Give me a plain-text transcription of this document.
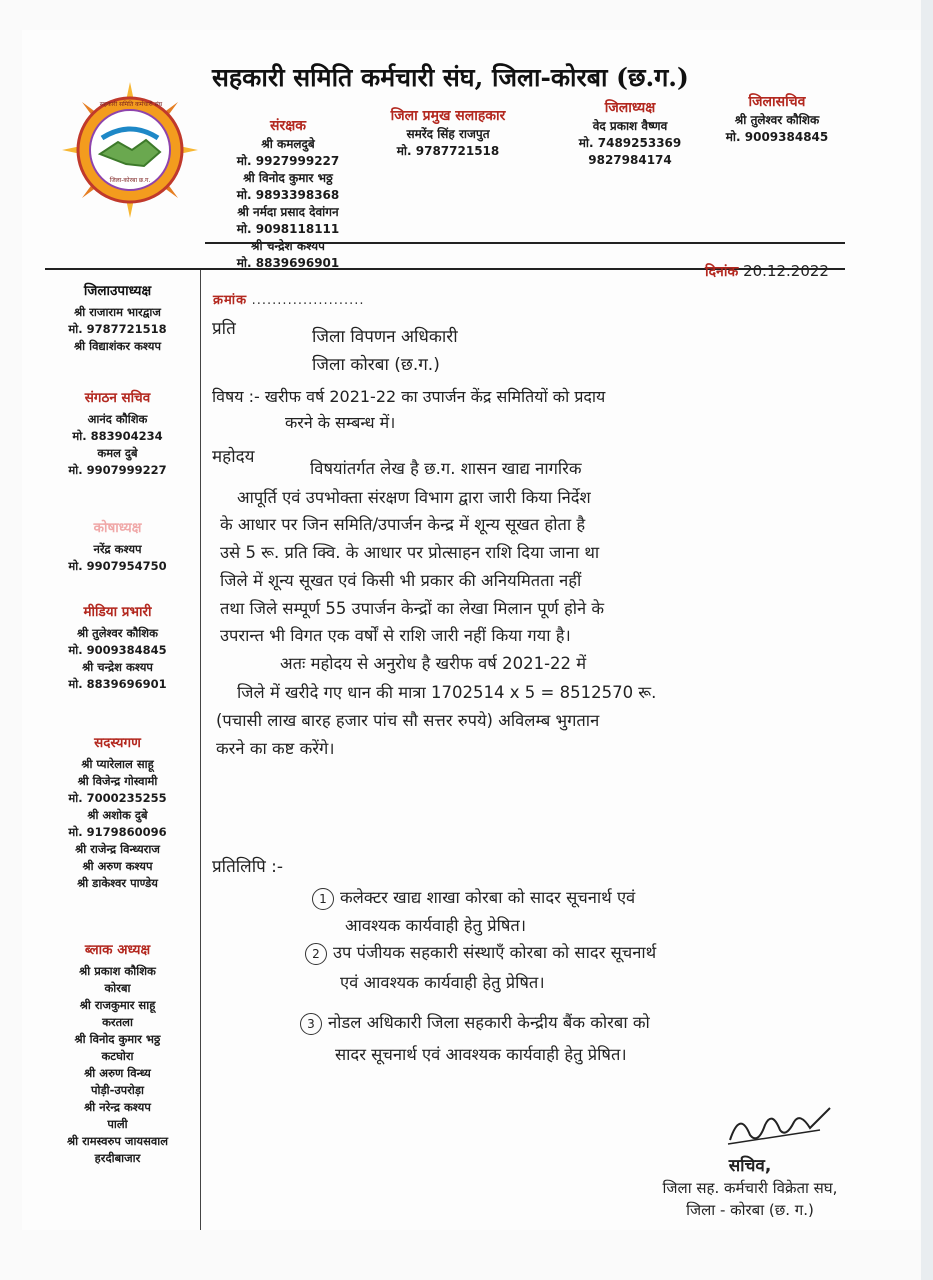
सहकारी समिति कर्मचारी संघ
जिला-कोरबा छ.ग.
सहकारी समिति कर्मचारी संघ, जिला-कोरबा (छ.ग.)
संरक्षक
श्री कमलदुबे
मो. 9927999227
श्री विनोद कुमार भठ्ठ
मो. 9893398368
श्री नर्मदा प्रसाद देवांगन
मो. 9098118111
श्री चन्द्रेश कश्यप
मो. 8839696901
जिला प्रमुख सलाहकार
समरेंद सिंह राजपुत
मो. 9787721518
जिलाध्यक्ष
वेद प्रकाश वैष्णव
मो. 7489253369
9827984174
जिलासचिव
श्री तुलेश्वर कौशिक
मो. 9009384845
जिलाउपाध्यक्ष
श्री राजाराम भारद्वाज
मो. 9787721518
श्री विद्याशंकर कश्यप
संगठन सचिव
आनंद कौशिक
मो. 883904234
कमल दुबे
मो. 9907999227
कोषाध्यक्ष
नरेंद्र कश्यप
मो. 9907954750
मीडिया प्रभारी
श्री तुलेश्वर कौशिक
मो. 9009384845
श्री चन्द्रेश कश्यप
मो. 8839696901
सदस्यगण
श्री प्यारेलाल साहू
श्री विजेन्द्र गोस्वामी
मो. 7000235255
श्री अशोक दुबे
मो. 9179860096
श्री राजेन्द्र विन्ध्यराज
श्री अरुण कश्यप
श्री डाकेश्वर पाण्डेय
ब्लाक अध्यक्ष
श्री प्रकाश कौशिक
कोरबा
श्री राजकुमार साहू
करतला
श्री विनोद कुमार भठ्ठ
कटघोरा
श्री अरुण विन्ध्य
पोड़ी-उपरोड़ा
श्री नरेन्द्र कश्यप
पाली
श्री रामस्वरुप जायसवाल
हरदीबाजार
दिनांक 20.12.2022
क्रमांक ......................
प्रति	जिला विपणन अधिकारी
जिला कोरबा (छ.ग.)
विषय :- खरीफ वर्ष 2021-22 का उपार्जन केंद्र समितियों को प्रदाय
करने के सम्बन्ध में।
महोदय
विषयांतर्गत लेख है छ.ग. शासन खाद्य नागरिक
आपूर्ति एवं उपभोक्ता संरक्षण विभाग द्वारा जारी किया निर्देश
के आधार पर जिन समिति/उपार्जन केन्द्र में शून्य सूखत होता है
उसे 5 रू. प्रति क्वि. के आधार पर प्रोत्साहन राशि दिया जाना था
जिले में शून्य सूखत एवं किसी भी प्रकार की अनियमितता नहीं
तथा जिले सम्पूर्ण 55 उपार्जन केन्द्रों का लेखा मिलान पूर्ण होने के
उपरान्त भी विगत एक वर्षों से राशि जारी नहीं किया गया है।
अतः महोदय से अनुरोध है खरीफ वर्ष 2021-22 में
जिले में खरीदे गए धान की मात्रा 1702514 x 5 = 8512570 रू.
(पचासी लाख बारह हजार पांच सौ सत्तर रुपये) अविलम्ब भुगतान
करने का कष्ट करेंगे।
प्रतिलिपि :-
1 कलेक्टर खाद्य शाखा कोरबा को सादर सूचनार्थ एवं
आवश्यक कार्यवाही हेतु प्रेषित।
2 उप पंजीयक सहकारी संस्थाएँ कोरबा को सादर सूचनार्थ
एवं आवश्यक कार्यवाही हेतु प्रेषित।
3 नोडल अधिकारी जिला सहकारी केन्द्रीय बैंक कोरबा को
सादर सूचनार्थ एवं आवश्यक कार्यवाही हेतु प्रेषित।
सचिव,
जिला सह. कर्मचारी विक्रेता सघ,
जिला - कोरबा (छ. ग.)
